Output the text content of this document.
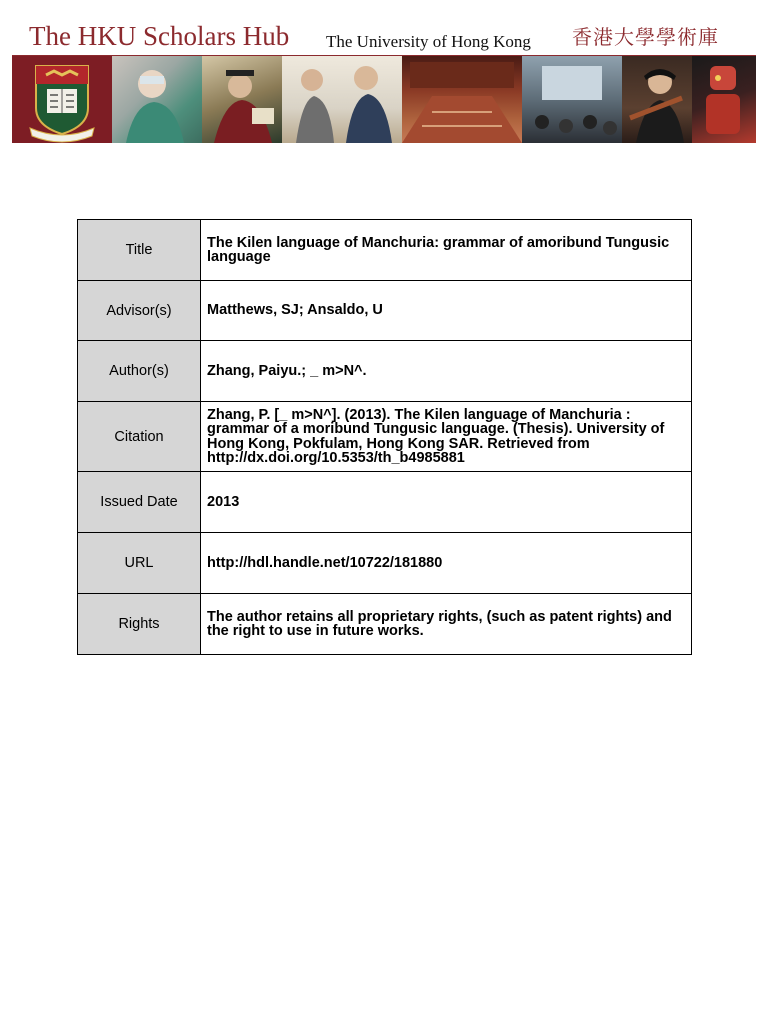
The HKU Scholars Hub The University of Hong Kong 香港大學學術庫
Title	The Kilen language of Manchuria: grammar of amoribund Tungusic language
Advisor(s)	Matthews, SJ; Ansaldo, U
Author(s)	Zhang, Paiyu.; _ m>N^.
Citation	Zhang, P. [_ m>N^]. (2013). The Kilen language of Manchuria : grammar of a moribund Tungusic language. (Thesis). University of Hong Kong, Pokfulam, Hong Kong SAR. Retrieved from http://dx.doi.org/10.5353/th_b4985881
Issued Date	2013
URL	http://hdl.handle.net/10722/181880
Rights	The author retains all proprietary rights, (such as patent rights) and the right to use in future works.
